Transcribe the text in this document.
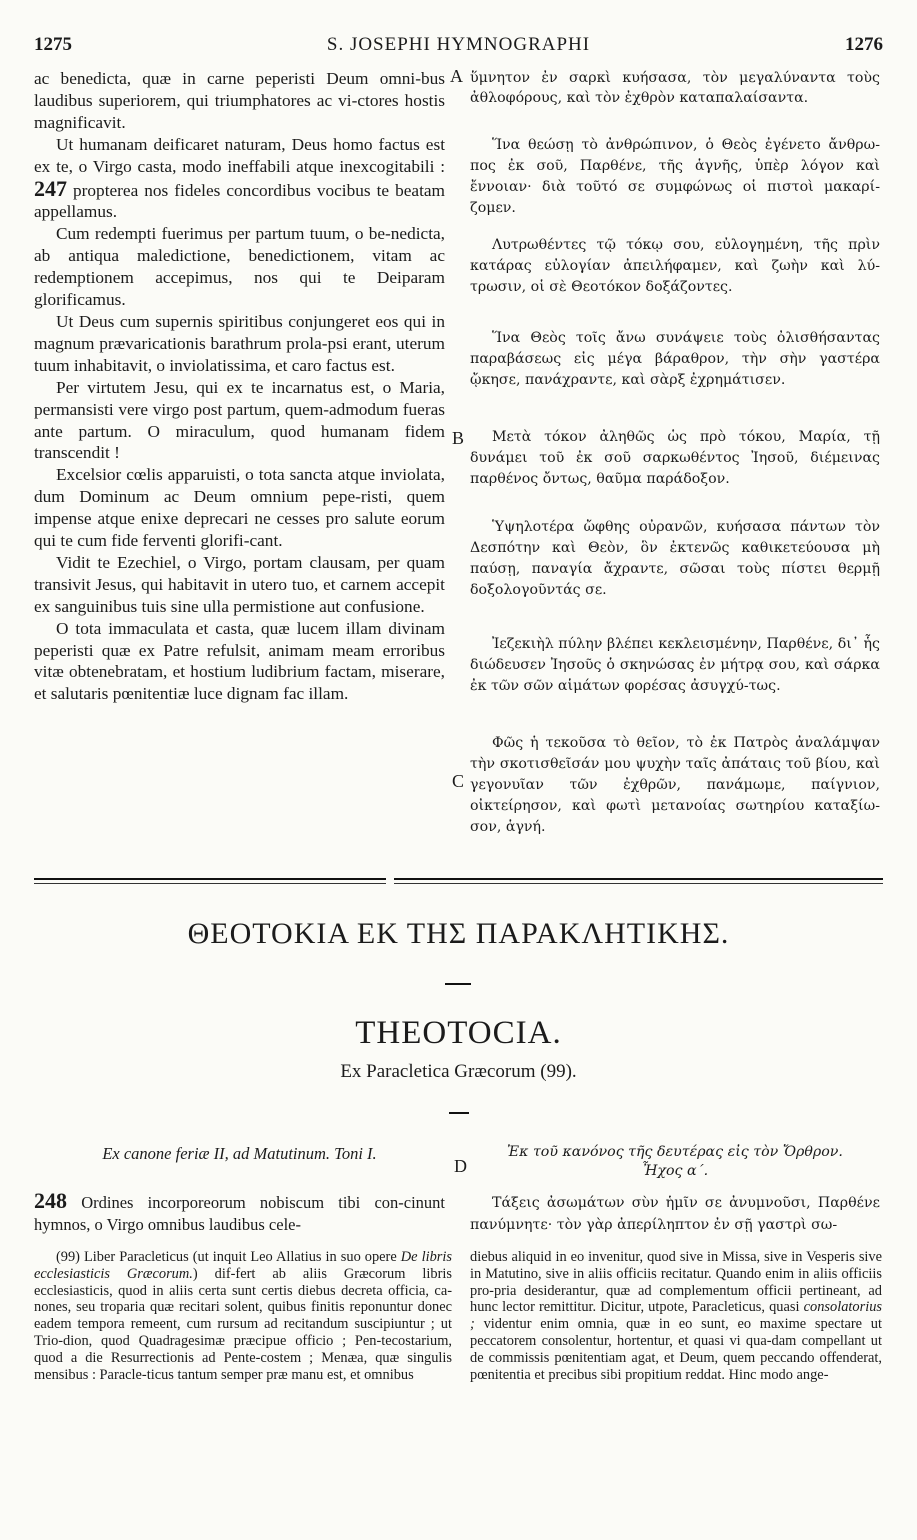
1275	S. JOSEPHI HYMNOGRAPHI	1276

ac benedicta, quæ in carne peperisti Deum omni-bus laudibus superiorem, qui triumphatores ac vi-ctores hostis magnificavit.

Ut humanam deificaret naturam, Deus homo factus est ex te, o Virgo casta, modo ineffabili atque inexcogitabili : 247 propterea nos fideles concordibus vocibus te beatam appellamus.

Cum redempti fuerimus per partum tuum, o be-nedicta, ab antiqua maledictione, benedictionem, vitam ac redemptionem accepimus, nos qui te Deiparam glorificamus.

Ut Deus cum supernis spiritibus conjungeret eos qui in magnum prævaricationis barathrum prola-psi erant, uterum tuum inhabitavit, o inviolatissima, et caro factus est.

Per virtutem Jesu, qui ex te incarnatus est, o Maria, permansisti vere virgo post partum, quem-admodum fueras ante partum. O miraculum, quod humanam fidem transcendit !

Excelsior cœlis apparuisti, o tota sancta atque inviolata, dum Dominum ac Deum omnium pepe-risti, quem impense atque enixe deprecari ne cesses pro salute eorum qui te cum fide ferventi glorifi-cant.

Vidit te Ezechiel, o Virgo, portam clausam, per quam transivit Jesus, qui habitavit in utero tuo, et carnem accepit ex sanguinibus tuis sine ulla permistione aut confusione.

O tota immaculata et casta, quæ lucem illam divinam peperisti quæ ex Patre refulsit, animam meam erroribus vitæ obtenebratam, et hostium ludibrium factam, miserare, et salutaris pœnitentiæ luce dignam fac illam.

A
B
C
D

ὕμνητον ἐν σαρκὶ κυήσασα, τὸν μεγαλύναντα τοὺς ἀθλοφόρους, καὶ τὸν ἐχθρὸν καταπαλαίσαντα.

Ἵνα θεώσῃ τὸ ἀνθρώπινον, ὁ Θεὸς ἐγένετο ἄνθρω-πος ἐκ σοῦ, Παρθένε, τῆς ἁγνῆς, ὑπὲρ λόγον καὶ ἔννοιαν· διὰ τοῦτό σε συμφώνως οἱ πιστοὶ μακαρί-ζομεν.

Λυτρωθέντες τῷ τόκῳ σου, εὐλογημένη, τῆς πρὶν κατάρας εὐλογίαν ἀπειλήφαμεν, καὶ ζωὴν καὶ λύ-τρωσιν, οἱ σὲ Θεοτόκον δοξάζοντες.

Ἵνα Θεὸς τοῖς ἄνω συνάψειε τοὺς ὀλισθήσαντας παραβάσεως εἰς μέγα βάραθρον, τὴν σὴν γαστέρα ᾤκησε, πανάχραντε, καὶ σὰρξ ἐχρημάτισεν.

Μετὰ τόκον ἀληθῶς ὡς πρὸ τόκου, Μαρία, τῇ δυνάμει τοῦ ἐκ σοῦ σαρκωθέντος Ἰησοῦ, διέμεινας παρθένος ὄντως, θαῦμα παράδοξον.

Ὑψηλοτέρα ὤφθης οὐρανῶν, κυήσασα πάντων τὸν Δεσπότην καὶ Θεὸν, ὃν ἐκτενῶς καθικετεύουσα μὴ παύσῃ, παναγία ἄχραντε, σῶσαι τοὺς πίστει θερμῇ δοξολογοῦντάς σε.

Ἰεζεκιὴλ πύλην βλέπει κεκλεισμένην, Παρθένε, δι᾽ ἧς διώδευσεν Ἰησοῦς ὁ σκηνώσας ἐν μήτρᾳ σου, καὶ σάρκα ἐκ τῶν σῶν αἱμάτων φορέσας ἀσυγχύ-τως.

Φῶς ἡ τεκοῦσα τὸ θεῖον, τὸ ἐκ Πατρὸς ἀναλάμψαν τὴν σκοτισθεῖσάν μου ψυχὴν ταῖς ἀπάταις τοῦ βίου, καὶ γεγονυῖαν τῶν ἐχθρῶν, πανάμωμε, παίγνιον, οἰκτείρησον, καὶ φωτὶ μετανοίας σωτηρίου καταξίω-σον, ἁγνή.

ΘΕΟΤΟΚΙΑ ΕΚ ΤΗΣ ΠΑΡΑΚΛΗΤΙΚΗΣ.
THEOTOCIA.
Ex Paracletica Græcorum (99).
Ex canone feriæ II, ad Matutinum. Toni I.	Ἐκ τοῦ κανόνος τῆς δευτέρας εἰς τὸν Ὄρθρον.
Ἦχος α΄.

248 Ordines incorporeorum nobiscum tibi con-cinunt hymnos, o Virgo omnibus laudibus cele-

Τάξεις ἀσωμάτων σὺν ἡμῖν σε ἀνυμνοῦσι, Παρθένε πανύμνητε· τὸν γὰρ ἀπερίληπτον ἐν σῇ γαστρὶ σω-

(99) Liber Paracleticus (ut inquit Leo Allatius in suo opere De libris ecclesiasticis Græcorum.) dif-fert ab aliis Græcorum libris ecclesiasticis, quod in aliis certa sunt certis diebus decreta officia, ca-nones, seu troparia quæ recitari solent, quibus finitis reponuntur donec eadem tempora remeent, cum rursum ad recitandum suscipiuntur ; ut Trio-dion, quod Quadragesimæ præcipue officio ; Pen-tecostarium, quod a die Resurrectionis ad Pente-costem ; Menæa, quæ singulis mensibus : Paracle-ticus tantum semper præ manu est, et omnibus

diebus aliquid in eo invenitur, quod sive in Missa, sive in Vesperis sive in Matutino, sive in aliis officiis recitatur. Quando enim in aliis officiis pro-pria desiderantur, quæ ad complementum officii pertineant, ad hunc lector remittitur. Dicitur, utpote, Paracleticus, quasi consolatorius ; videntur enim omnia, quæ in eo sunt, eo maxime spectare ut peccatorem consolentur, hortentur, et quasi vi qua-dam compellant ut de commissis pœnitentiam agat, et Deum, quem peccando offenderat, pœnitentia et precibus sibi propitium reddat. Hinc modo ange-
